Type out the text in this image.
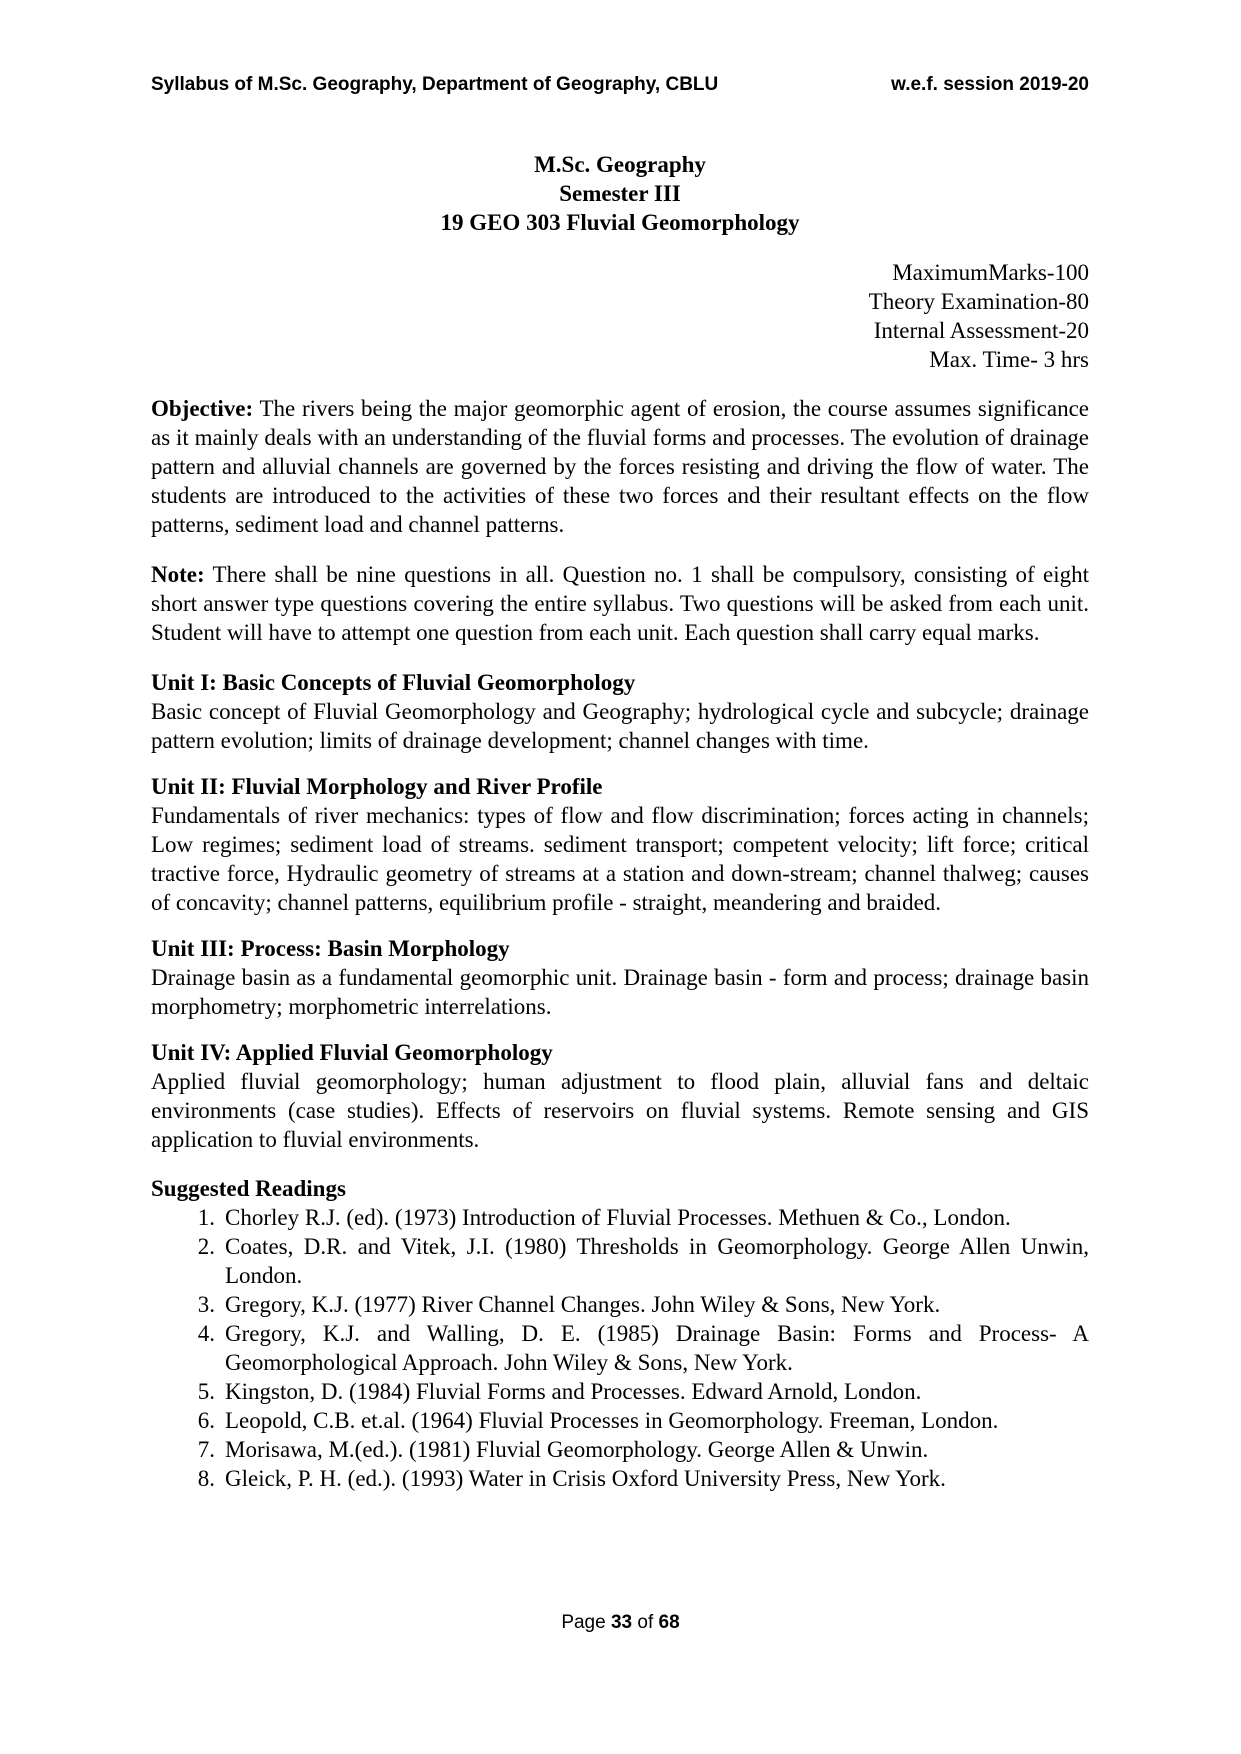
Syllabus of M.Sc. Geography, Department of Geography, CBLU	w.e.f. session 2019-20
M.Sc. Geography
Semester III
19 GEO 303 Fluvial Geomorphology
MaximumMarks-100
Theory Examination-80
Internal Assessment-20
Max. Time- 3 hrs

Objective: The rivers being the major geomorphic agent of erosion, the course assumes significance as it mainly deals with an understanding of the fluvial forms and processes. The evolution of drainage pattern and alluvial channels are governed by the forces resisting and driving the flow of water. The students are introduced to the activities of these two forces and their resultant effects on the flow patterns, sediment load and channel patterns.

Note: There shall be nine questions in all. Question no. 1 shall be compulsory, consisting of eight short answer type questions covering the entire syllabus. Two questions will be asked from each unit. Student will have to attempt one question from each unit. Each question shall carry equal marks.

Unit I: Basic Concepts of Fluvial Geomorphology
Basic concept of Fluvial Geomorphology and Geography; hydrological cycle and subcycle; drainage pattern evolution; limits of drainage development; channel changes with time.
Unit II: Fluvial Morphology and River Profile
Fundamentals of river mechanics: types of flow and flow discrimination; forces acting in channels; Low regimes; sediment load of streams. sediment transport; competent velocity; lift force; critical tractive force, Hydraulic geometry of streams at a station and down-stream; channel thalweg; causes of concavity; channel patterns, equilibrium profile - straight, meandering and braided.
Unit III: Process: Basin Morphology
Drainage basin as a fundamental geomorphic unit. Drainage basin - form and process; drainage basin morphometry; morphometric interrelations.
Unit IV: Applied Fluvial Geomorphology
Applied fluvial geomorphology; human adjustment to flood plain, alluvial fans and deltaic environments (case studies). Effects of reservoirs on fluvial systems. Remote sensing and GIS application to fluvial environments.
Suggested Readings
1. Chorley R.J. (ed). (1973) Introduction of Fluvial Processes. Methuen & Co., London.
2. Coates, D.R. and Vitek, J.I. (1980) Thresholds in Geomorphology. George Allen Unwin, London.
3. Gregory, K.J. (1977) River Channel Changes. John Wiley & Sons, New York.
4. Gregory, K.J. and Walling, D. E. (1985) Drainage Basin: Forms and Process- A Geomorphological Approach. John Wiley & Sons, New York.
5. Kingston, D. (1984) Fluvial Forms and Processes. Edward Arnold, London.
6. Leopold, C.B. et.al. (1964) Fluvial Processes in Geomorphology. Freeman, London.
7. Morisawa, M.(ed.). (1981) Fluvial Geomorphology. George Allen & Unwin.
8. Gleick, P. H. (ed.). (1993) Water in Crisis Oxford University Press, New York.
Page 33 of 68
